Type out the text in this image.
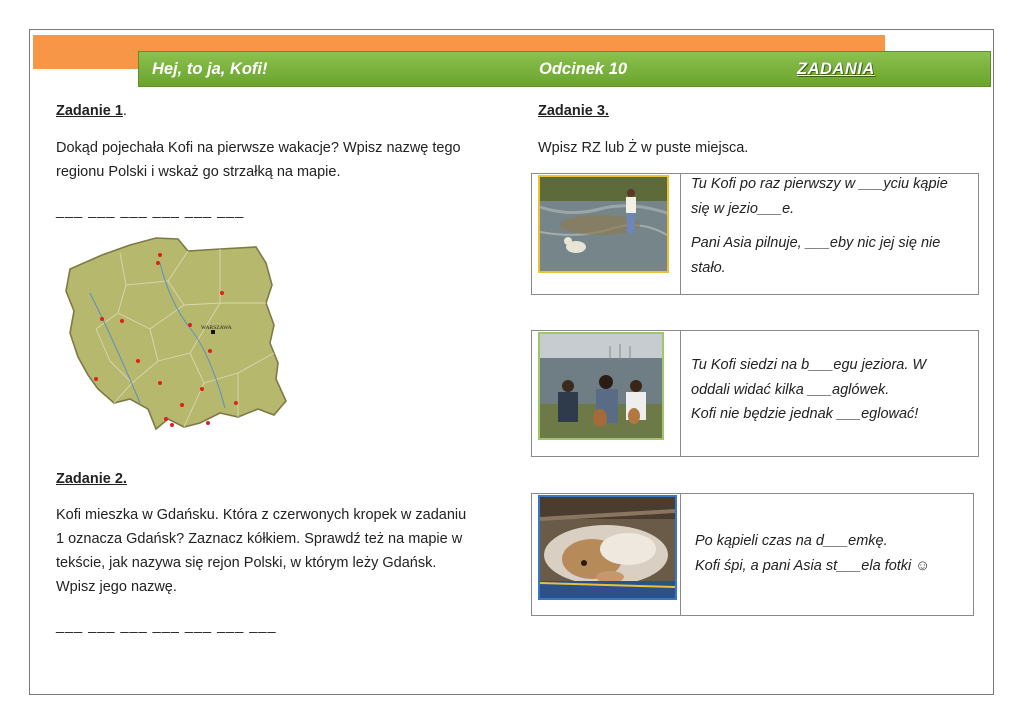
Hej, to ja, Kofi!	Odcinek 10	ZADANIA
Zadanie 1.
Dokąd pojechała Kofi na pierwsze wakacje? Wpisz nazwę tego
regionu Polski i wskaż go strzałką na mapie.
___ ___ ___ ___ ___ ___
WARSZAWA
Zadanie 2.
Kofi mieszka w Gdańsku. Która z czerwonych kropek w zadaniu
1 oznacza Gdańsk? Zaznacz kółkiem. Sprawdź też na mapie w
tekście, jak nazywa się rejon Polski, w którym leży Gdańsk.
Wpisz jego nazwę.
___ ___ ___ ___ ___ ___ ___
Zadanie 3.
Wpisz RZ lub Ż w puste miejsca.

Tu Kofi po raz pierwszy w ___yciu kąpie

się w jezio___e.

Pani Asia pilnuje, ___eby nic jej się nie

stało.

Tu Kofi siedzi na b___egu jeziora. W

oddali widać kilka ___aglówek.

Kofi nie będzie jednak ___eglować!

Po kąpieli czas na d___emkę.

Kofi śpi, a pani Asia st___ela fotki ☺
